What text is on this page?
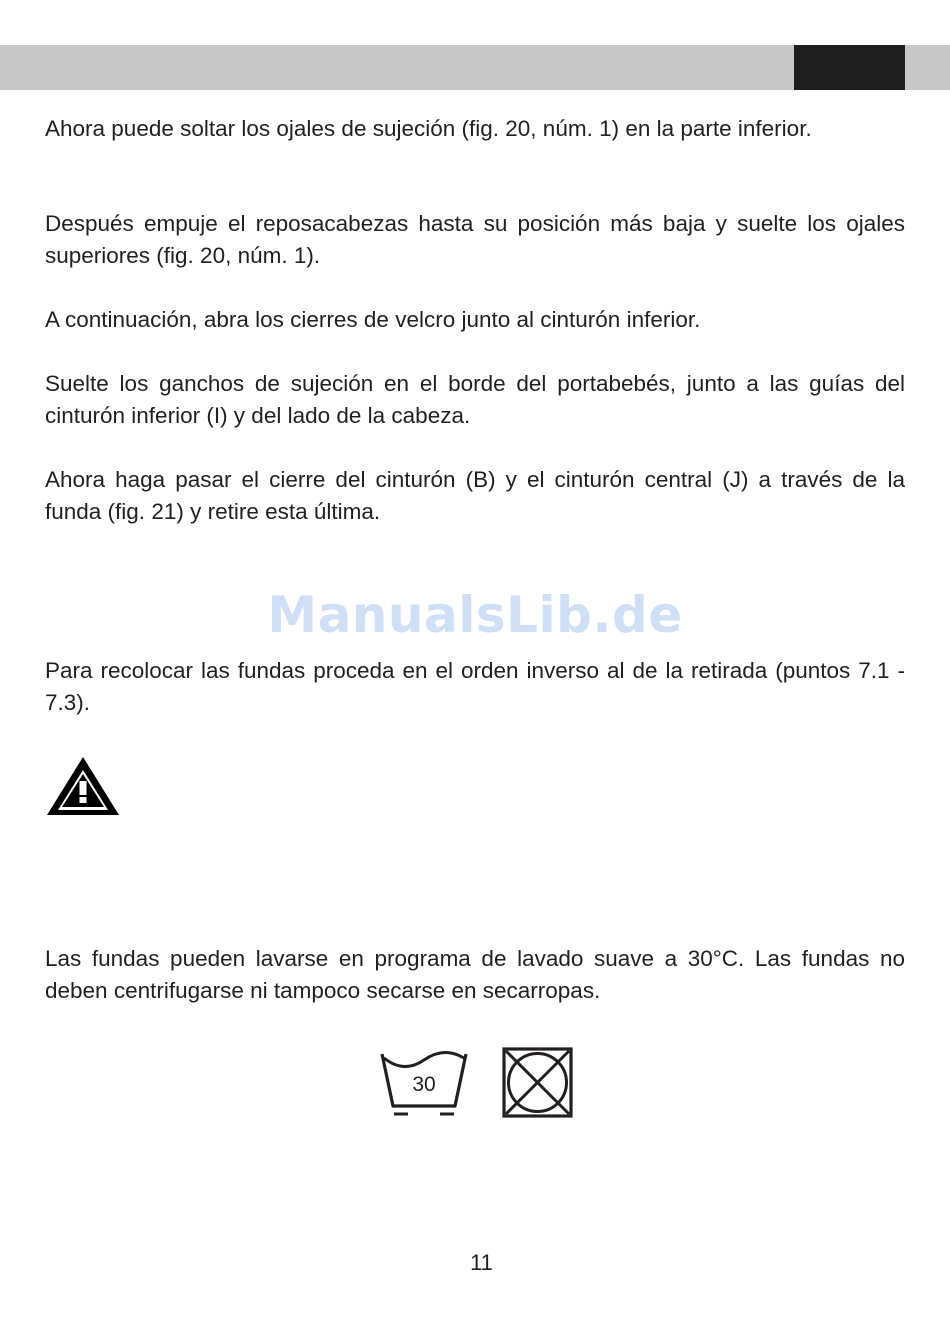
Ahora puede soltar los ojales de sujeción (fig. 20, núm. 1) en la parte inferior.

Después empuje el reposacabezas hasta su posición más baja y suelte los ojales superiores (fig. 20, núm. 1).

A continuación, abra los cierres de velcro junto al cinturón inferior.

Suelte los ganchos de sujeción en el borde del portabebés, junto a las guías del cinturón inferior (I) y del lado de la cabeza.

Ahora haga pasar el cierre del cinturón (B) y el cinturón central (J) a través de la funda (fig. 21) y retire esta última.

ManualsLib.de

Para recolocar las fundas proceda en el orden inverso al de la retirada (puntos 7.1 - 7.3).

Las fundas pueden lavarse en programa de lavado suave a 30°C. Las fundas no deben centrifugarse ni tampoco secarse en secarropas.

30
11
